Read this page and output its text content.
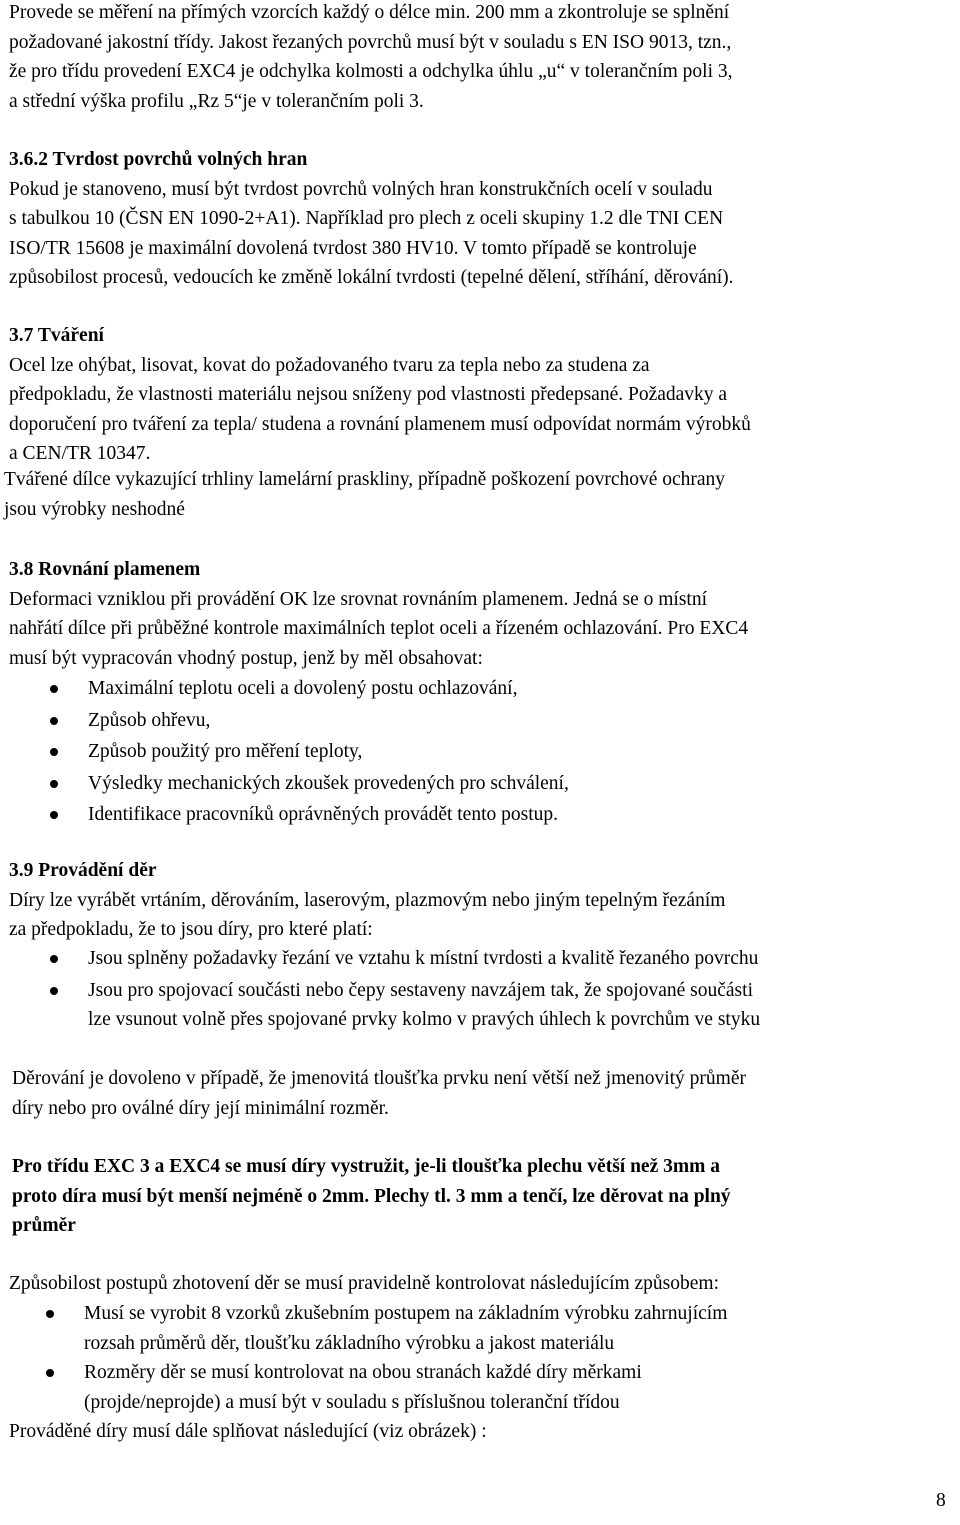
Provede se měření na přímých vzorcích každý o délce min. 200 mm a zkontroluje se splnění

požadované jakostní třídy. Jakost řezaných povrchů musí být v souladu s EN ISO 9013, tzn.,

že pro třídu provedení EXC4 je odchylka kolmosti a odchylka úhlu „u“ v tolerančním poli 3,

a střední výška profilu „Rz 5“je v tolerančním poli 3.

3.6.2 Tvrdost povrchů volných hran

Pokud je stanoveno, musí být tvrdost povrchů volných hran konstrukčních ocelí v souladu

s tabulkou 10 (ČSN EN 1090-2+A1). Například pro plech z oceli skupiny 1.2 dle TNI CEN

ISO/TR 15608 je maximální dovolená tvrdost 380 HV10. V tomto případě se kontroluje

způsobilost procesů, vedoucích ke změně lokální tvrdosti (tepelné dělení, stříhání, děrování).

3.7 Tváření

Ocel lze ohýbat, lisovat, kovat do požadovaného tvaru za tepla nebo za studena za

předpokladu, že vlastnosti materiálu nejsou sníženy pod vlastnosti předepsané. Požadavky a

doporučení pro tváření za tepla/ studena a rovnání plamenem musí odpovídat normám výrobků

a CEN/TR 10347.

Tvářené dílce vykazující trhliny lamelární praskliny, případně poškození povrchové ochrany

jsou výrobky neshodné

3.8 Rovnání plamenem

Deformaci vzniklou při provádění OK lze srovnat rovnáním plamenem. Jedná se o místní

nahřátí dílce při průběžné kontrole maximálních teplot oceli a řízeném ochlazování. Pro EXC4

musí být vypracován vhodný postup, jenž by měl obsahovat:

Maximální teplotu oceli a dovolený postu ochlazování,
Způsob ohřevu,
Způsob použitý pro měření teploty,
Výsledky mechanických zkoušek provedených pro schválení,
Identifikace pracovníků oprávněných provádět tento postup.

3.9 Provádění děr

Díry lze vyrábět vrtáním, děrováním, laserovým, plazmovým nebo jiným tepelným řezáním

za předpokladu, že to jsou díry, pro které platí:

Jsou splněny požadavky řezání ve vztahu k místní tvrdosti a kvalitě řezaného povrchu
Jsou pro spojovací součásti nebo čepy sestaveny navzájem tak, že spojované součásti
lze vsunout volně přes spojované prvky kolmo v pravých úhlech k povrchům ve styku

Děrování je dovoleno v případě, že jmenovitá tloušťka prvku není větší než jmenovitý průměr

díry nebo pro oválné díry její minimální rozměr.

Pro třídu EXC 3 a EXC4 se musí díry vystružit, je-li tloušťka plechu větší než 3mm a

proto díra musí být menší nejméně o 2mm. Plechy tl. 3 mm a tenčí, lze děrovat na plný

průměr

Způsobilost postupů zhotovení děr se musí pravidelně kontrolovat následujícím způsobem:

Musí se vyrobit 8 vzorků zkušebním postupem na základním výrobku zahrnujícím
rozsah průměrů děr, tloušťku základního výrobku a jakost materiálu
Rozměry děr se musí kontrolovat na obou stranách každé díry měrkami
(projde/neprojde) a musí být v souladu s příslušnou toleranční třídou

Prováděné díry musí dále splňovat následující (viz obrázek) :

8
